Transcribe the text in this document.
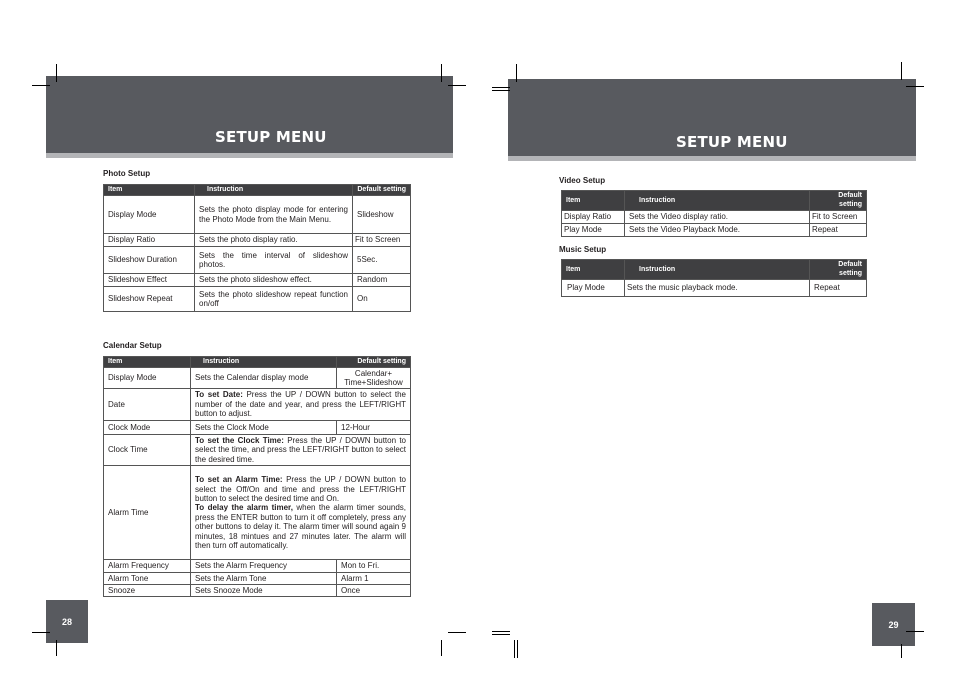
SETUP MENU
Photo Setup
Item	Instruction	Default setting
Display Mode	Sets the photo display mode for entering the Photo Mode from the Main Menu.	Slideshow
Display Ratio	Sets the photo display ratio.	Fit to Screen
Slideshow Duration	Sets the time interval of slideshow photos.	5Sec.
Slideshow Effect	Sets the photo slideshow effect.	Random
Slideshow Repeat	Sets the photo slideshow repeat function on/off	On
Calendar Setup
Item	Instruction	Default setting
Display Mode	Sets the Calendar display mode	Calendar+ Time+Slideshow
Date	To set Date: Press the UP / DOWN button to select the number of the date and year, and press the LEFT/RIGHT button to adjust.	
Clock Mode	Sets the Clock Mode	12-Hour
Clock Time	To set the Clock Time: Press the UP / DOWN button to select the time, and press the LEFT/RIGHT button to select the desired time.	
Alarm Time	To set an Alarm Time: Press the UP / DOWN button to select the Off/On and time and press the LEFT/RIGHT button to select the desired time and On.
To delay the alarm timer, when the alarm timer sounds, press the ENTER button to turn it off completely, press any other buttons to delay it. The alarm timer will sound again 9 minutes, 18 mintues and 27 minutes later. The alarm will then turn off automatically.	
Alarm Frequency	Sets the Alarm Frequency	Mon to Fri.
Alarm Tone	Sets the Alarm Tone	Alarm 1
Snooze	Sets Snooze Mode	Once
28
SETUP MENU
Video Setup
Item	Instruction	Default setting
Display Ratio	Sets the Video display ratio.	Fit to Screen
Play Mode	Sets the Video Playback Mode.	Repeat
Music Setup
Item	Instruction	Default setting
Play Mode	Sets the music playback mode.	Repeat
29
